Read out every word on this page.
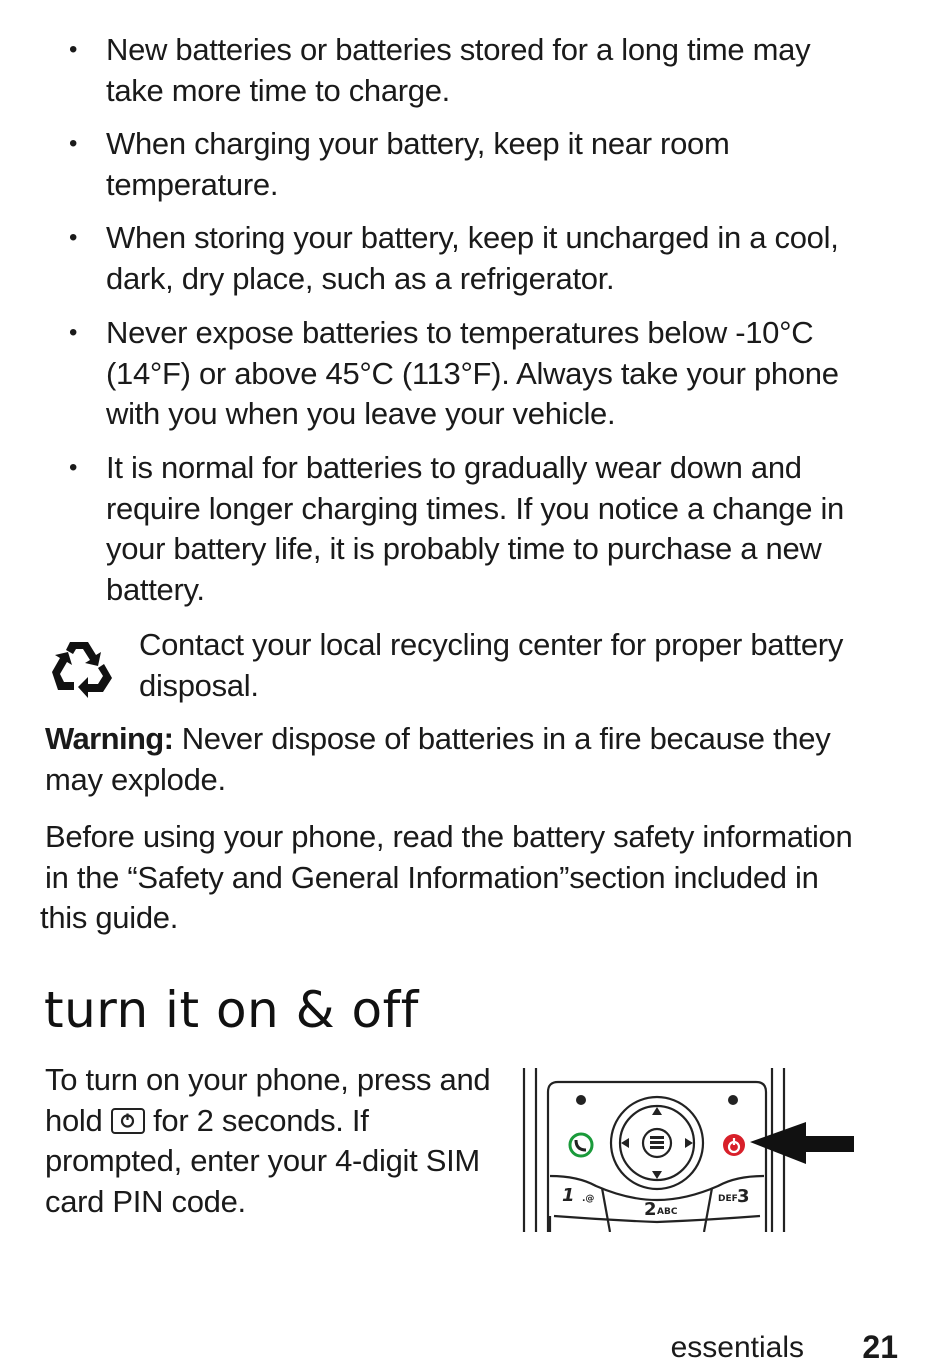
• New batteries or batteries stored for a long time may
take more time to charge.
• When charging your battery, keep it near room
temperature.
• When storing your battery, keep it uncharged in a cool,
dark, dry place, such as a refrigerator.
• Never expose batteries to temperatures below -10°C
(14°F) or above 45°C (113°F). Always take your phone
with you when you leave your vehicle.
• It is normal for batteries to gradually wear down and
require longer charging times. If you notice a change in
your battery life, it is probably time to purchase a new
battery.
Contact your local recycling center for proper battery
disposal.
Warning: Never dispose of batteries in a fire because they
may explode.
Before using your phone, read the battery safety information
in the “Safety and General Information”section included in
this guide.
turn it on & off
To turn on your phone, press and
hold for 2 seconds. If
prompted, enter your 4-digit SIM
card PIN code.	1 .@	2 ABC
DEF 3
essentials 21
